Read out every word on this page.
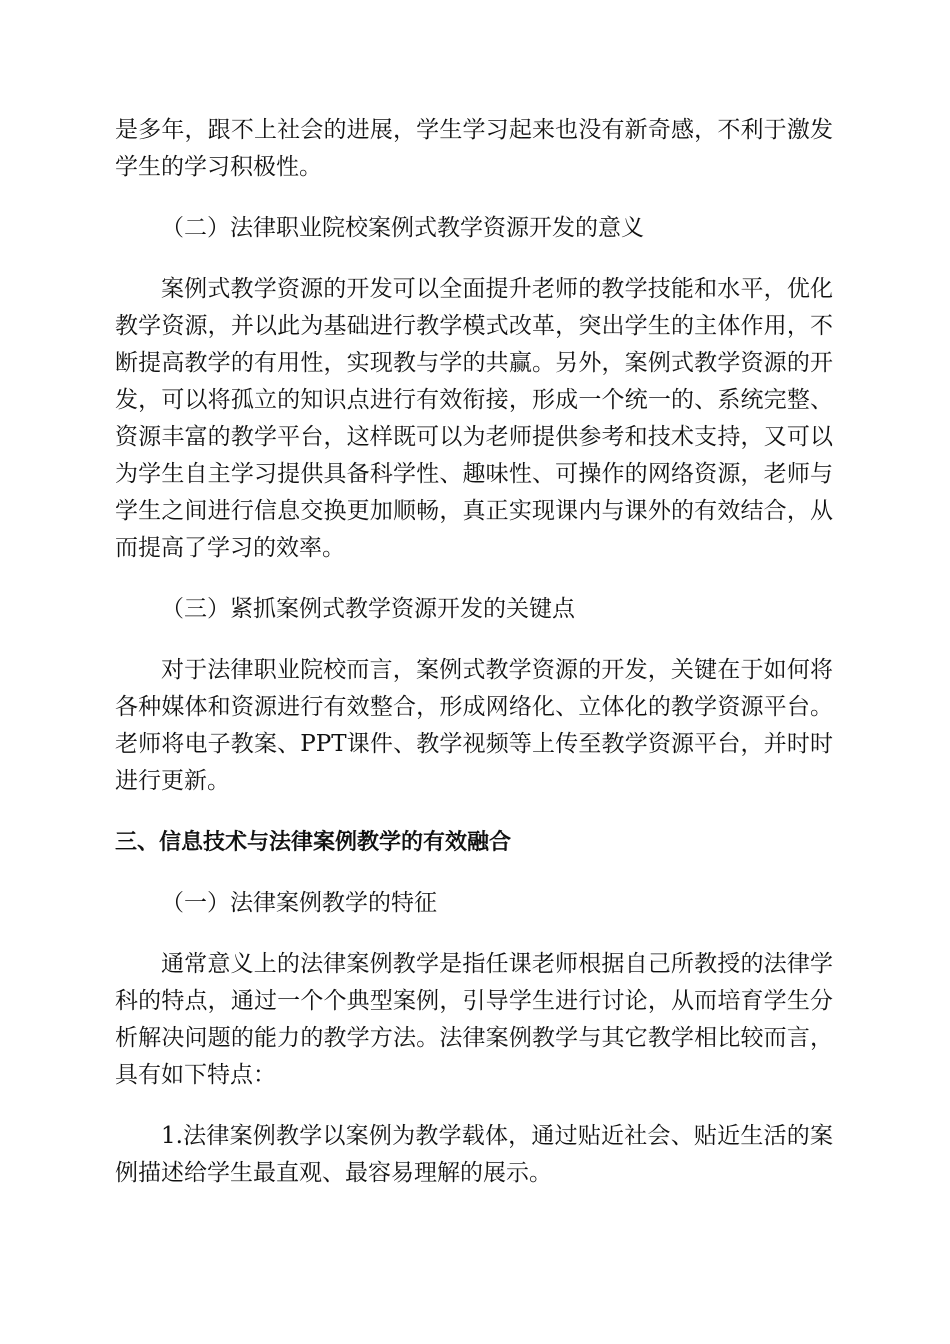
是多年，跟不上社会的进展，学生学习起来也没有新奇感，不利于激发学生的学习积极性。

（二）法律职业院校案例式教学资源开发的意义

案例式教学资源的开发可以全面提升老师的教学技能和水平，优化教学资源，并以此为基础进行教学模式改革，突出学生的主体作用，不断提高教学的有用性，实现教与学的共赢。另外，案例式教学资源的开发，可以将孤立的知识点进行有效衔接，形成一个统一的、系统完整、资源丰富的教学平台，这样既可以为老师提供参考和技术支持，又可以为学生自主学习提供具备科学性、趣味性、可操作的网络资源，老师与学生之间进行信息交换更加顺畅，真正实现课内与课外的有效结合，从而提高了学习的效率。

（三）紧抓案例式教学资源开发的关键点

对于法律职业院校而言，案例式教学资源的开发，关键在于如何将各种媒体和资源进行有效整合，形成网络化、立体化的教学资源平台。老师将电子教案、PPT课件、教学视频等上传至教学资源平台，并时时进行更新。

三、信息技术与法律案例教学的有效融合

（一）法律案例教学的特征

通常意义上的法律案例教学是指任课老师根据自己所教授的法律学科的特点，通过一个个典型案例，引导学生进行讨论，从而培育学生分析解决问题的能力的教学方法。法律案例教学与其它教学相比较而言，具有如下特点：

1.法律案例教学以案例为教学载体，通过贴近社会、贴近生活的案例描述给学生最直观、最容易理解的展示。
